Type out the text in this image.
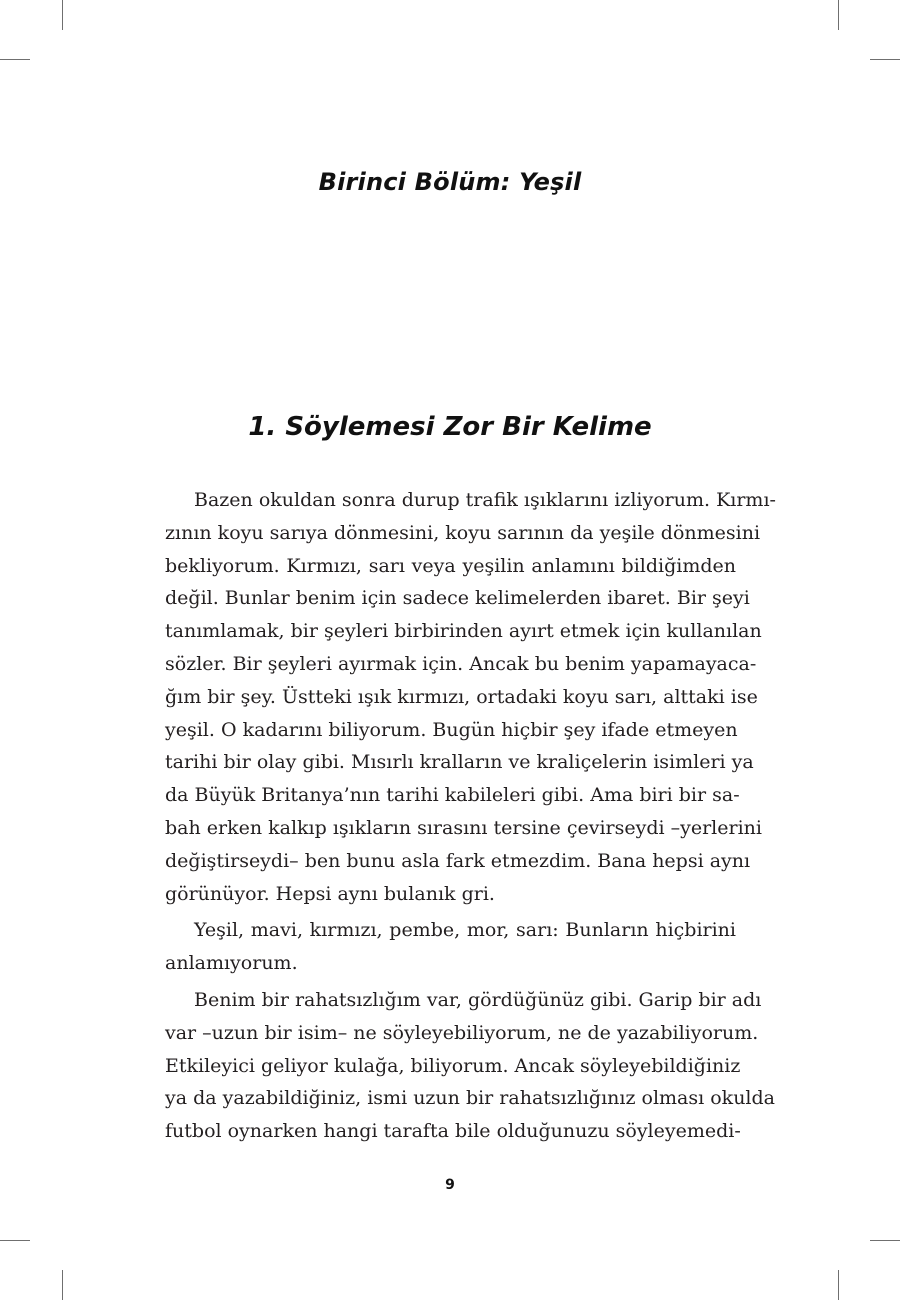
Birinci Bölüm: Yeşil
1. Söylemesi Zor Bir Kelime
Bazen okuldan sonra durup trafik ışıklarını izliyorum. Kırmı-
zının koyu sarıya dönmesini, koyu sarının da yeşile dönmesini
bekliyorum. Kırmızı, sarı veya yeşilin anlamını bildiğimden
değil. Bunlar benim için sadece kelimelerden ibaret. Bir şeyi
tanımlamak, bir şeyleri birbirinden ayırt etmek için kullanılan
sözler. Bir şeyleri ayırmak için. Ancak bu benim yapamayaca-
ğım bir şey. Üstteki ışık kırmızı, ortadaki koyu sarı, alttaki ise
yeşil. O kadarını biliyorum. Bugün hiçbir şey ifade etmeyen
tarihi bir olay gibi. Mısırlı kralların ve kraliçelerin isimleri ya
da Büyük Britanya’nın tarihi kabileleri gibi. Ama biri bir sa-
bah erken kalkıp ışıkların sırasını tersine çevirseydi –yerlerini
değiştirseydi– ben bunu asla fark etmezdim. Bana hepsi aynı
görünüyor. Hepsi aynı bulanık gri.
Yeşil, mavi, kırmızı, pembe, mor, sarı: Bunların hiçbirini
anlamıyorum.
Benim bir rahatsızlığım var, gördüğünüz gibi. Garip bir adı
var –uzun bir isim– ne söyleyebiliyorum, ne de yazabiliyorum.
Etkileyici geliyor kulağa, biliyorum. Ancak söyleyebildiğiniz
ya da yazabildiğiniz, ismi uzun bir rahatsızlığınız olması okulda
futbol oynarken hangi tarafta bile olduğunuzu söyleyemedi-
9
